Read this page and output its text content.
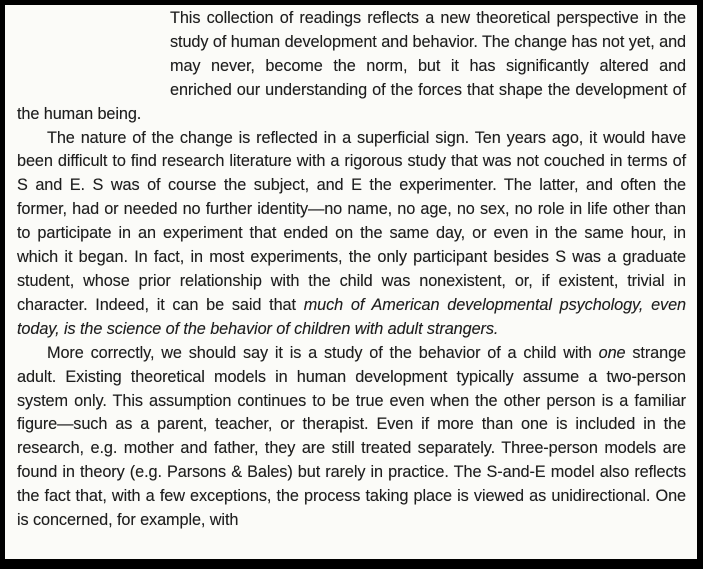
This collection of readings reflects a new theoretical perspective in the study of human development and behavior. The change has not yet, and may never, become the norm, but it has significantly altered and enriched our understanding of the forces that shape the development of the human being.

The nature of the change is reflected in a superficial sign. Ten years ago, it would have been difficult to find research literature with a rigorous study that was not couched in terms of S and E. S was of course the subject, and E the experimenter. The latter, and often the former, had or needed no further identity—no name, no age, no sex, no role in life other than to participate in an experiment that ended on the same day, or even in the same hour, in which it began. In fact, in most experiments, the only participant besides S was a graduate student, whose prior relationship with the child was nonexistent, or, if existent, trivial in character. Indeed, it can be said that much of American developmental psychology, even today, is the science of the behavior of children with adult strangers.

More correctly, we should say it is a study of the behavior of a child with one strange adult. Existing theoretical models in human development typically assume a two-person system only. This assumption continues to be true even when the other person is a familiar figure—such as a parent, teacher, or therapist. Even if more than one is included in the research, e.g. mother and father, they are still treated separately. Three-person models are found in theory (e.g. Parsons & Bales) but rarely in practice. The S-and-E model also reflects the fact that, with a few exceptions, the process taking place is viewed as unidirectional. One is concerned, for example, with
